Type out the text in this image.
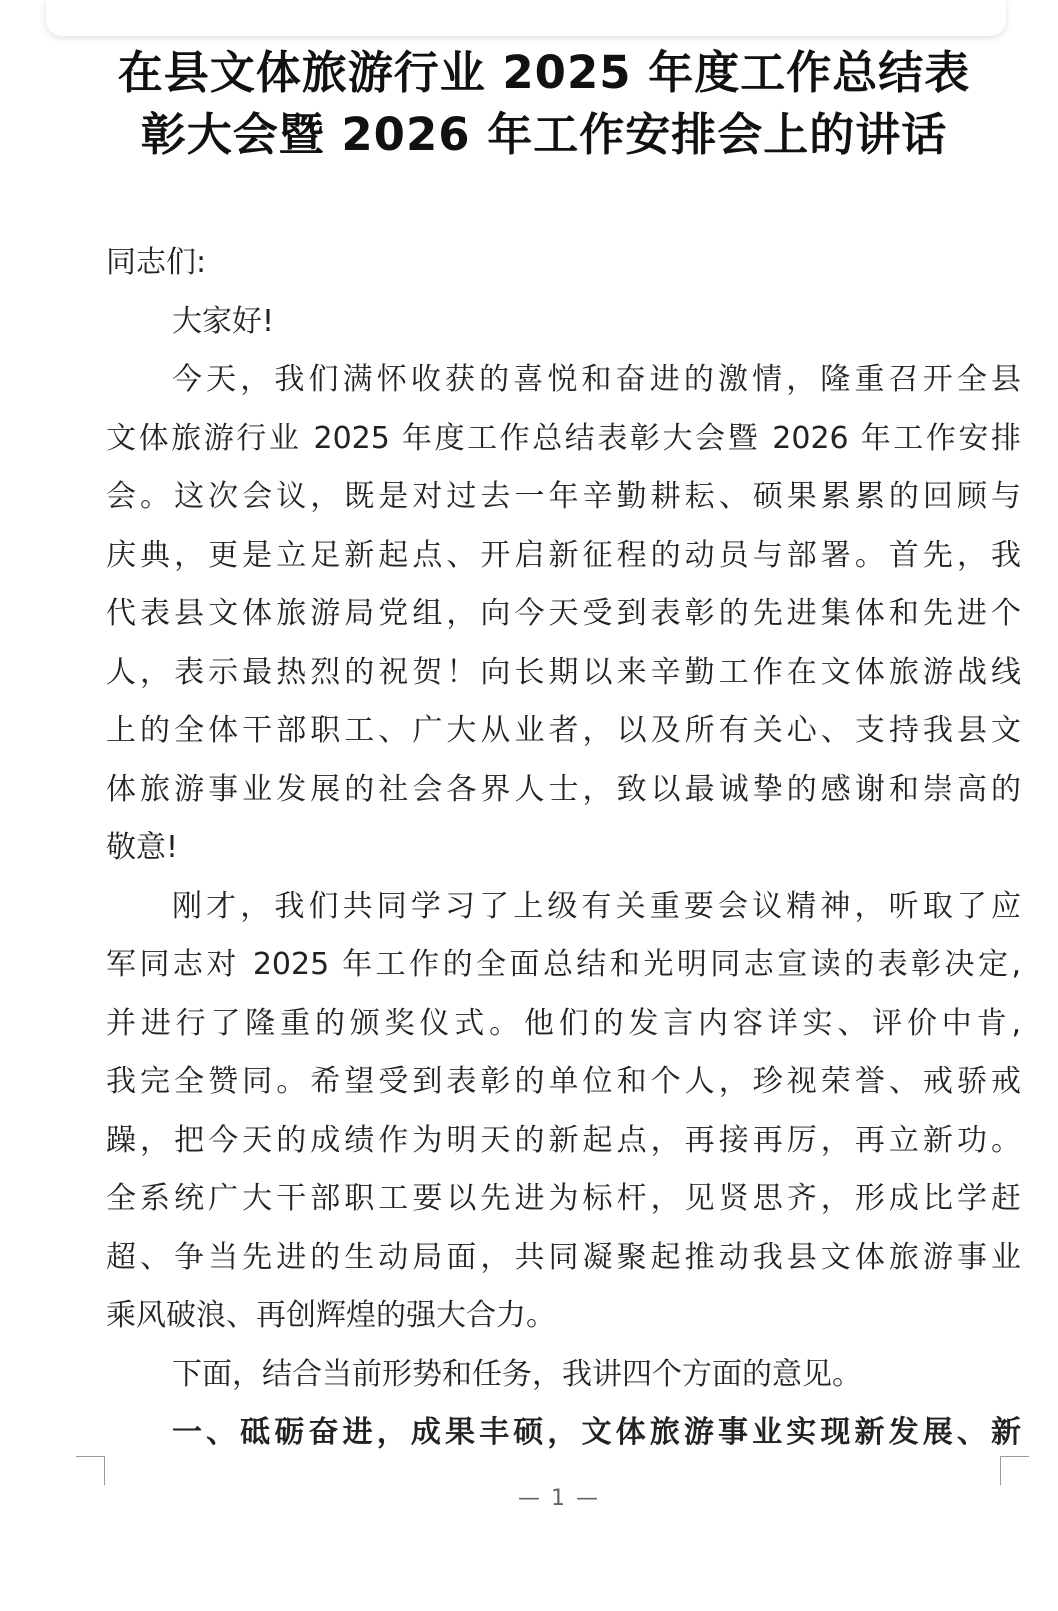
在县文体旅游行业 2025 年度工作总结表
彰大会暨 2026 年工作安排会上的讲话
同志们:
大家好!
今天，我们满怀收获的喜悦和奋进的激情，隆重召开全县
文体旅游行业 2025 年度工作总结表彰大会暨 2026 年工作安排
会。这次会议，既是对过去一年辛勤耕耘、硕果累累的回顾与
庆典，更是立足新起点、开启新征程的动员与部署。首先，我
代表县文体旅游局党组，向今天受到表彰的先进集体和先进个
人，表示最热烈的祝贺！向长期以来辛勤工作在文体旅游战线
上的全体干部职工、广大从业者，以及所有关心、支持我县文
体旅游事业发展的社会各界人士，致以最诚挚的感谢和崇高的
敬意!
刚才，我们共同学习了上级有关重要会议精神，听取了应
军同志对 2025 年工作的全面总结和光明同志宣读的表彰决定,
并进行了隆重的颁奖仪式。他们的发言内容详实、评价中肯,
我完全赞同。希望受到表彰的单位和个人，珍视荣誉、戒骄戒
躁，把今天的成绩作为明天的新起点，再接再厉，再立新功。
全系统广大干部职工要以先进为标杆，见贤思齐，形成比学赶
超、争当先进的生动局面，共同凝聚起推动我县文体旅游事业
乘风破浪、再创辉煌的强大合力。
下面，结合当前形势和任务，我讲四个方面的意见。
一、砥砺奋进，成果丰硕，文体旅游事业实现新发展、新
— 1 —
